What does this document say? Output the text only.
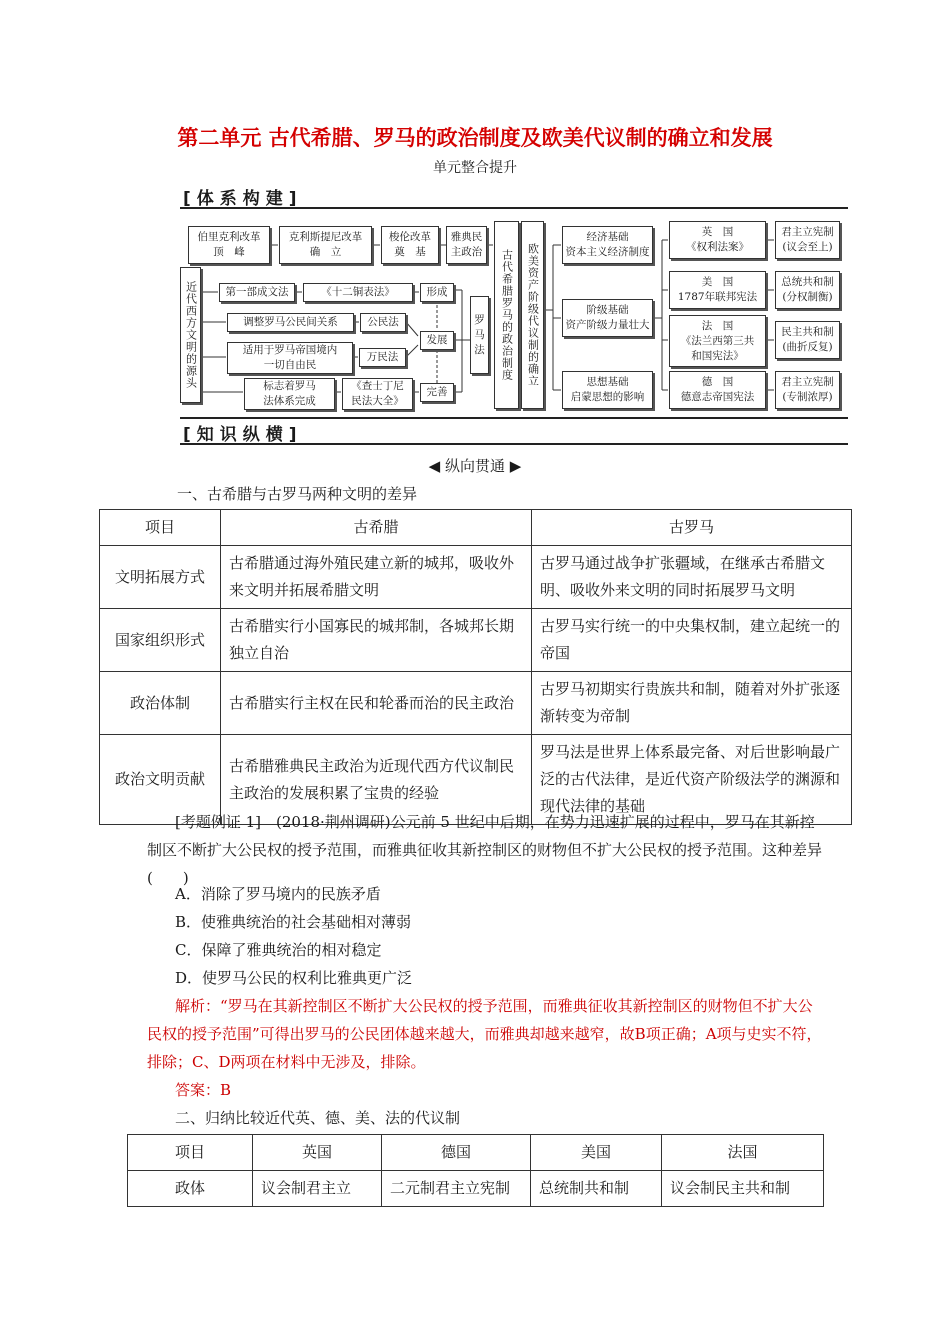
第二单元 古代希腊、罗马的政治制度及欧美代议制的确立和发展
单元整合提升
[体系构建]
伯里克利改革
顶　峰
克利斯提尼改革
确　立
梭伦改革
奠　基
雅典民
主政治
近代西方文明的源头	古代希腊罗马的政治制度	欧美资产阶级代议制的确立
第一部成文法	《十二铜表法》	形成
调整罗马公民间关系	公民法
发展
适用于罗马帝国境内
一切自由民
万民法
标志着罗马
法体系完成
《查士丁尼
民法大全》
完善
罗
马
法
经济基础
资本主义经济制度
阶级基础
资产阶级力量壮大
思想基础
启蒙思想的影响
英　国
《权利法案》
美　国
1787年联邦宪法
法　国
《法兰西第三共
和国宪法》
德　国
德意志帝国宪法
君主立宪制
(议会至上)
总统共和制
(分权制衡)
民主共和制
(曲折反复)
君主立宪制
(专制浓厚)
[知识纵横]
◀ 纵向贯通 ▶
一、古希腊与古罗马两种文明的差异
项目	古希腊	古罗马
文明拓展方式	古希腊通过海外殖民建立新的城邦，吸收外来文明并拓展希腊文明	古罗马通过战争扩张疆域，在继承古希腊文明、吸收外来文明的同时拓展罗马文明
国家组织形式	古希腊实行小国寡民的城邦制，各城邦长期独立自治	古罗马实行统一的中央集权制，建立起统一的帝国
政治体制	古希腊实行主权在民和轮番而治的民主政治	古罗马初期实行贵族共和制，随着对外扩张逐渐转变为帝制
政治文明贡献	古希腊雅典民主政治为近现代西方代议制民主政治的发展积累了宝贵的经验	罗马法是世界上体系最完备、对后世影响最广泛的古代法律，是近代资产阶级法学的渊源和现代法律的基础
[考题例证 1]　(2018·荆州调研)公元前 5 世纪中后期，在势力迅速扩展的过程中，罗马在其新控制区不断扩大公民权的授予范围，而雅典征收其新控制区的财物但不扩大公民权的授予范围。这种差异(　　)
A．消除了罗马境内的民族矛盾
B．使雅典统治的社会基础相对薄弱
C．保障了雅典统治的相对稳定
D．使罗马公民的权利比雅典更广泛
解析：“罗马在其新控制区不断扩大公民权的授予范围，而雅典征收其新控制区的财物但不扩大公民权的授予范围”可得出罗马的公民团体越来越大，而雅典却越来越窄，故B项正确；A项与史实不符，排除；C、D两项在材料中无涉及，排除。
答案：B
二、归纳比较近代英、德、美、法的代议制
项目	英国	德国	美国	法国
政体	议会制君主立	二元制君主立宪制	总统制共和制	议会制民主共和制
